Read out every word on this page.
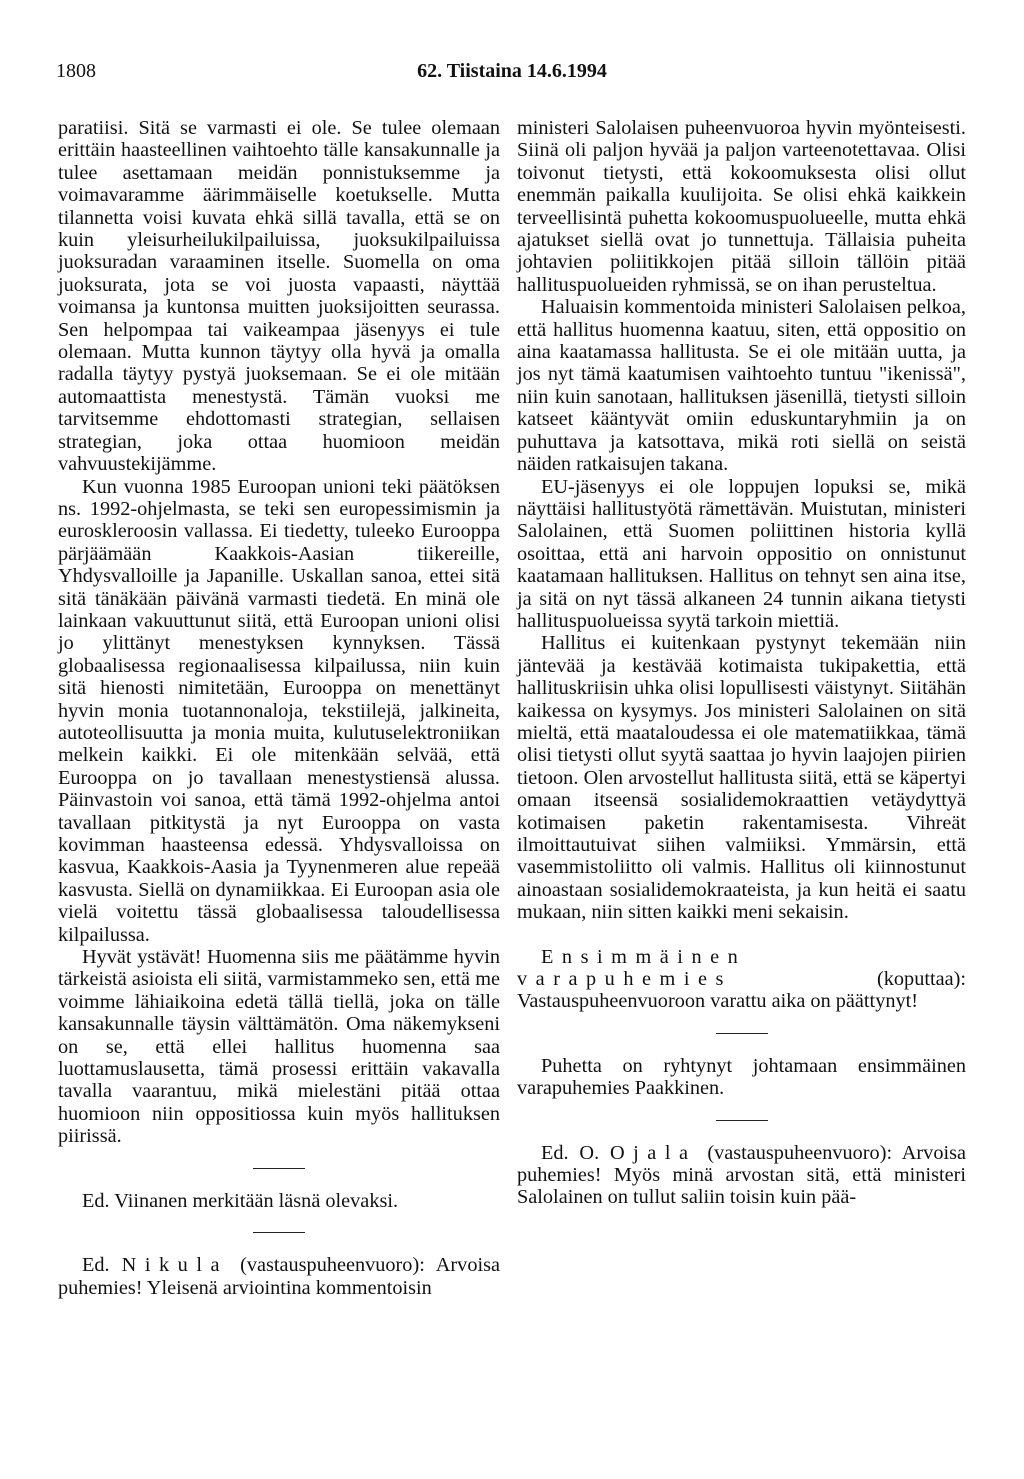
1808	62. Tiistaina 14.6.1994

paratiisi. Sitä se varmasti ei ole. Se tulee olemaan erittäin haasteellinen vaihtoehto tälle kansakunnalle ja tulee asettamaan meidän ponnistuksemme ja voimavaramme äärimmäiselle koetukselle. Mutta tilannetta voisi kuvata ehkä sillä tavalla, että se on kuin yleisurheilukilpailuissa, juoksukilpailuissa juoksuradan varaaminen itselle. Suomella on oma juoksurata, jota se voi juosta vapaasti, näyttää voimansa ja kuntonsa muitten juoksijoitten seurassa. Sen helpompaa tai vaikeampaa jäsenyys ei tule olemaan. Mutta kunnon täytyy olla hyvä ja omalla radalla täytyy pystyä juoksemaan. Se ei ole mitään automaattista menestystä. Tämän vuoksi me tarvitsemme ehdottomasti strategian, sellaisen strategian, joka ottaa huomioon meidän vahvuustekijämme.

Kun vuonna 1985 Euroopan unioni teki päätöksen ns. 1992-ohjelmasta, se teki sen europessimismin ja euroskleroosin vallassa. Ei tiedetty, tuleeko Eurooppa pärjäämään Kaakkois-Aasian tiikereille, Yhdysvalloille ja Japanille. Uskallan sanoa, ettei sitä sitä tänäkään päivänä varmasti tiedetä. En minä ole lainkaan vakuuttunut siitä, että Euroopan unioni olisi jo ylittänyt menestyksen kynnyksen. Tässä globaalisessa regionaalisessa kilpailussa, niin kuin sitä hienosti nimitetään, Eurooppa on menettänyt hyvin monia tuotannonaloja, tekstiilejä, jalkineita, autoteollisuutta ja monia muita, kulutuselektroniikan melkein kaikki. Ei ole mitenkään selvää, että Eurooppa on jo tavallaan menestystiensä alussa. Päinvastoin voi sanoa, että tämä 1992-ohjelma antoi tavallaan pitkitystä ja nyt Eurooppa on vasta kovimman haasteensa edessä. Yhdysvalloissa on kasvua, Kaakkois-Aasia ja Tyynenmeren alue repeää kasvusta. Siellä on dynamiikkaa. Ei Euroopan asia ole vielä voitettu tässä globaalisessa taloudellisessa kilpailussa.

Hyvät ystävät! Huomenna siis me päätämme hyvin tärkeistä asioista eli siitä, varmistammeko sen, että me voimme lähiaikoina edetä tällä tiellä, joka on tälle kansakunnalle täysin välttämätön. Oma näkemykseni on se, että ellei hallitus huomenna saa luottamuslausetta, tämä prosessi erittäin vakavalla tavalla vaarantuu, mikä mielestäni pitää ottaa huomioon niin oppositiossa kuin myös hallituksen piirissä.

Ed. Viinanen merkitään läsnä olevaksi.

Ed. Nikula (vastauspuheenvuoro): Arvoisa puhemies! Yleisenä arviointina kommentoisin

ministeri Salolaisen puheenvuoroa hyvin myönteisesti. Siinä oli paljon hyvää ja paljon varteenotettavaa. Olisi toivonut tietysti, että kokoomuksesta olisi ollut enemmän paikalla kuulijoita. Se olisi ehkä kaikkein terveellisintä puhetta kokoomuspuolueelle, mutta ehkä ajatukset siellä ovat jo tunnettuja. Tällaisia puheita johtavien poliitikkojen pitää silloin tällöin pitää hallituspuolueiden ryhmissä, se on ihan perusteltua.

Haluaisin kommentoida ministeri Salolaisen pelkoa, että hallitus huomenna kaatuu, siten, että oppositio on aina kaatamassa hallitusta. Se ei ole mitään uutta, ja jos nyt tämä kaatumisen vaihtoehto tuntuu "ikenissä", niin kuin sanotaan, hallituksen jäsenillä, tietysti silloin katseet kääntyvät omiin eduskuntaryhmiin ja on puhuttava ja katsottava, mikä roti siellä on seistä näiden ratkaisujen takana.

EU-jäsenyys ei ole loppujen lopuksi se, mikä näyttäisi hallitustyötä rämettävän. Muistutan, ministeri Salolainen, että Suomen poliittinen historia kyllä osoittaa, että ani harvoin oppositio on onnistunut kaatamaan hallituksen. Hallitus on tehnyt sen aina itse, ja sitä on nyt tässä alkaneen 24 tunnin aikana tietysti hallituspuolueissa syytä tarkoin miettiä.

Hallitus ei kuitenkaan pystynyt tekemään niin jäntevää ja kestävää kotimaista tukipakettia, että hallituskriisin uhka olisi lopullisesti väistynyt. Siitähän kaikessa on kysymys. Jos ministeri Salolainen on sitä mieltä, että maataloudessa ei ole matematiikkaa, tämä olisi tietysti ollut syytä saattaa jo hyvin laajojen piirien tietoon. Olen arvostellut hallitusta siitä, että se käpertyi omaan itseensä sosialidemokraattien vetäydyttyä kotimaisen paketin rakentamisesta. Vihreät ilmoittautuivat siihen valmiiksi. Ymmärsin, että vasemmistoliitto oli valmis. Hallitus oli kiinnostunut ainoastaan sosialidemokraateista, ja kun heitä ei saatu mukaan, niin sitten kaikki meni sekaisin.

Ensimmäinen varapuhemies	(koputtaa): Vastauspuheenvuoroon varattu aika on päättynyt!

Puhetta on ryhtynyt johtamaan ensimmäinen varapuhemies Paakkinen.

Ed. O. Ojala (vastauspuheenvuoro): Arvoisa puhemies! Myös minä arvostan sitä, että ministeri Salolainen on tullut saliin toisin kuin pää-
